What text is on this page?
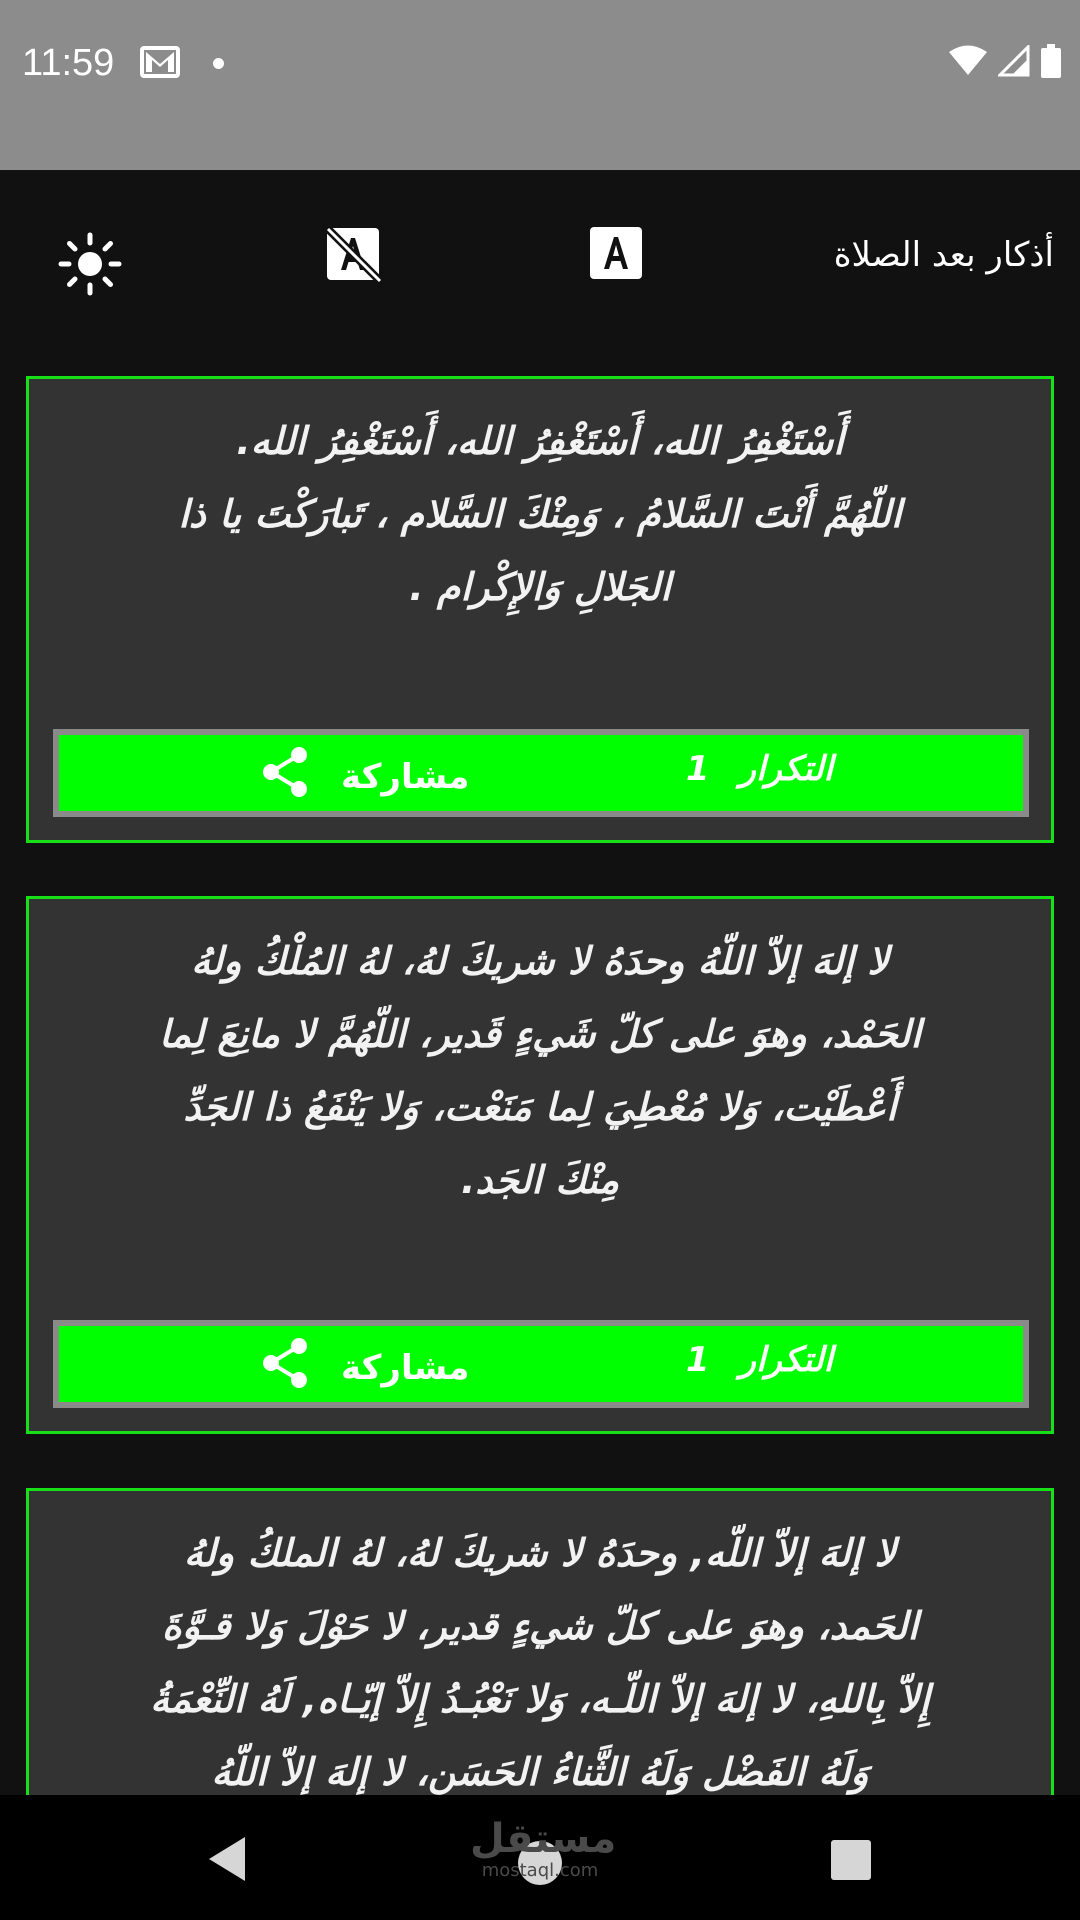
11:59
أذكار بعد الصلاة
أَسْتَغْفِرُ الله، أَسْتَغْفِرُ الله، أَسْتَغْفِرُ الله.
اللّهُمَّ أَنْتَ السَّلامُ ، وَمِنْكَ السَّلام ، تَبارَكْتَ يا ذا
الجَلالِ وَالإِكْرام .
التكرار
1
مشاركة
لا إلهَ إلاّ اللّهُ وحدَهُ لا شريكَ لهُ، لهُ المُلْكُ ولهُ
الحَمْد، وهوَ على كلّ شَيءٍ قَدير، اللّهُمَّ لا مانِعَ لِما
أَعْطَيْت، وَلا مُعْطِيَ لِما مَنَعْت، وَلا يَنْفَعُ ذا الجَدِّ
مِنْكَ الجَد.
التكرار
1
مشاركة
لا إلهَ إلاّ اللّه, وحدَهُ لا شريكَ لهُ، لهُ الملكُ ولهُ
الحَمد، وهوَ على كلّ شيءٍ قدير، لا حَوْلَ وَلا قـوَّةَ
إِلاّ بِاللهِ، لا إلهَ إلاّ اللّـه، وَلا نَعْبُـدُ إِلاّ إيّـاه, لَهُ النِّعْمَةُ
وَلَهُ الفَضْل وَلَهُ الثَّناءُ الحَسَن، لا إلهَ إلاّ اللّهُ
مستقل
mostaql.com
